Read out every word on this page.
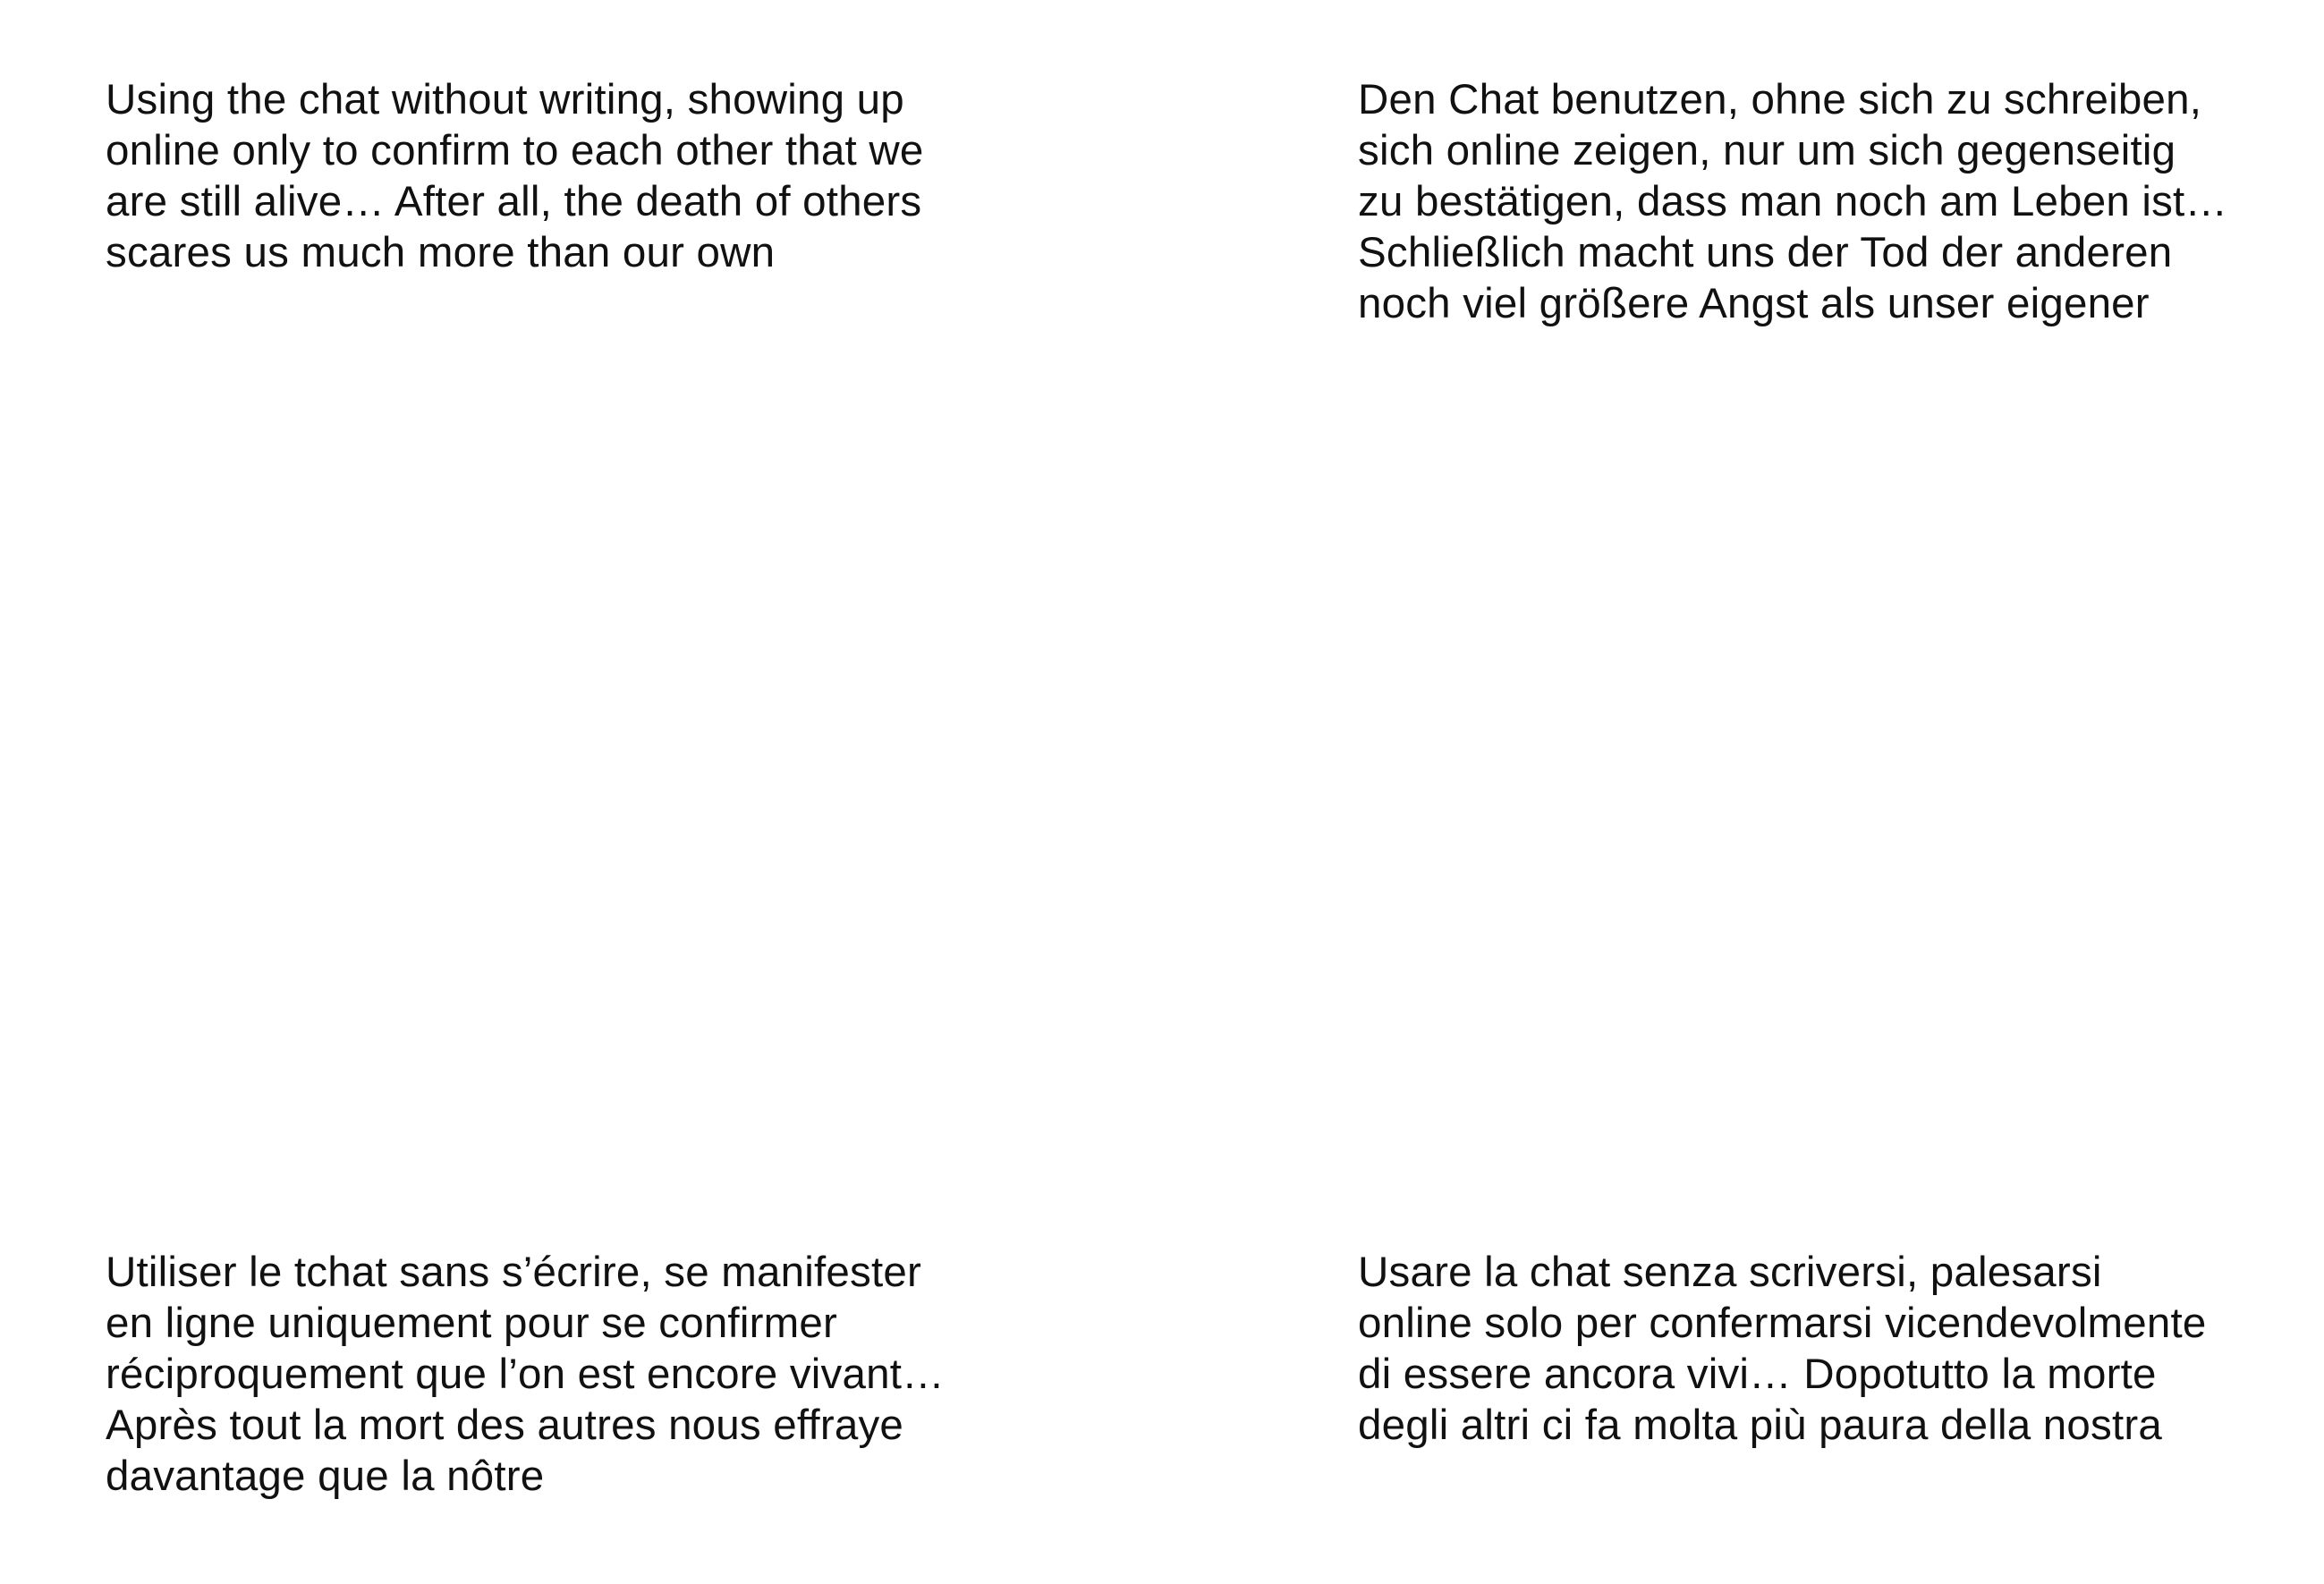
Using the chat without writing, showing up
online only to confirm to each other that we
are still alive… After all, the death of others
scares us much more than our own

Den Chat benutzen, ohne sich zu schreiben,
sich online zeigen, nur um sich gegenseitig
zu bestätigen, dass man noch am Leben ist…
Schließlich macht uns der Tod der anderen
noch viel größere Angst als unser eigener

Utiliser le tchat sans s’écrire, se manifester
en ligne uniquement pour se confirmer
réciproquement que l’on est encore vivant…
Après tout la mort des autres nous effraye
davantage que la nôtre

Usare la chat senza scriversi, palesarsi
online solo per confermarsi vicendevolmente
di essere ancora vivi… Dopotutto la morte
degli altri ci fa molta più paura della nostra
